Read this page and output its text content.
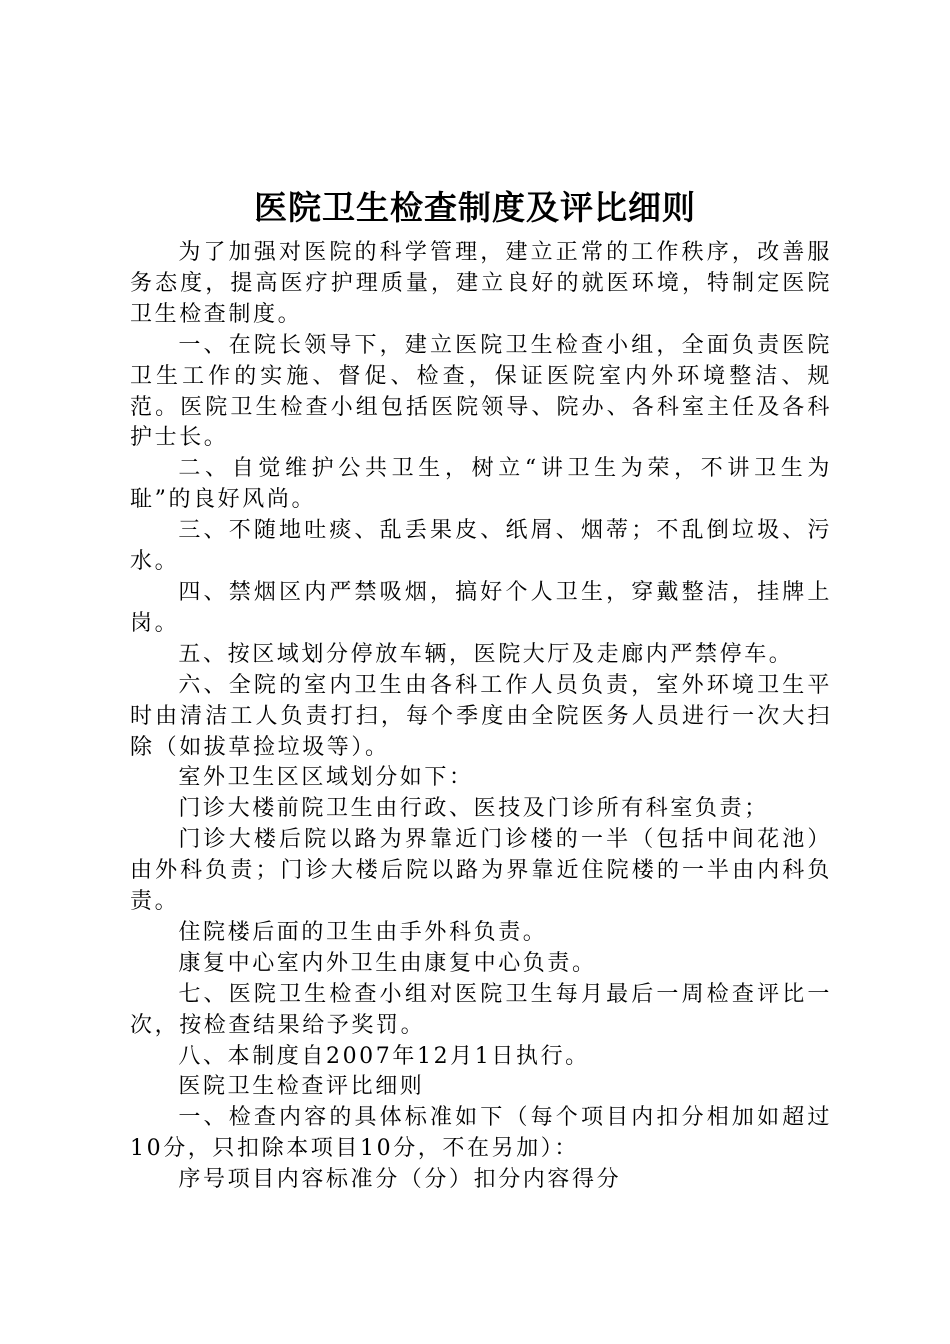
医院卫生检查制度及评比细则

为了加强对医院的科学管理，建立正常的工作秩序，改善服务态度，提高医疗护理质量，建立良好的就医环境，特制定医院卫生检查制度。

一、在院长领导下，建立医院卫生检查小组，全面负责医院卫生工作的实施、督促、检查，保证医院室内外环境整洁、规范。医院卫生检查小组包括医院领导、院办、各科室主任及各科护士长。

二、自觉维护公共卫生，树立“讲卫生为荣，不讲卫生为耻”的良好风尚。

三、不随地吐痰、乱丢果皮、纸屑、烟蒂；不乱倒垃圾、污水。

四、禁烟区内严禁吸烟，搞好个人卫生，穿戴整洁，挂牌上岗。

五、按区域划分停放车辆，医院大厅及走廊内严禁停车。

六、全院的室内卫生由各科工作人员负责，室外环境卫生平时由清洁工人负责打扫，每个季度由全院医务人员进行一次大扫除（如拔草捡垃圾等）。

室外卫生区区域划分如下：

门诊大楼前院卫生由行政、医技及门诊所有科室负责；

门诊大楼后院以路为界靠近门诊楼的一半（包括中间花池）由外科负责；门诊大楼后院以路为界靠近住院楼的一半由内科负责。

住院楼后面的卫生由手外科负责。

康复中心室内外卫生由康复中心负责。

七、医院卫生检查小组对医院卫生每月最后一周检查评比一次，按检查结果给予奖罚。

八、本制度自2007年12月1日执行。

医院卫生检查评比细则

一、检查内容的具体标准如下（每个项目内扣分相加如超过10分，只扣除本项目10分，不在另加）：

序号项目内容标准分（分）扣分内容得分
